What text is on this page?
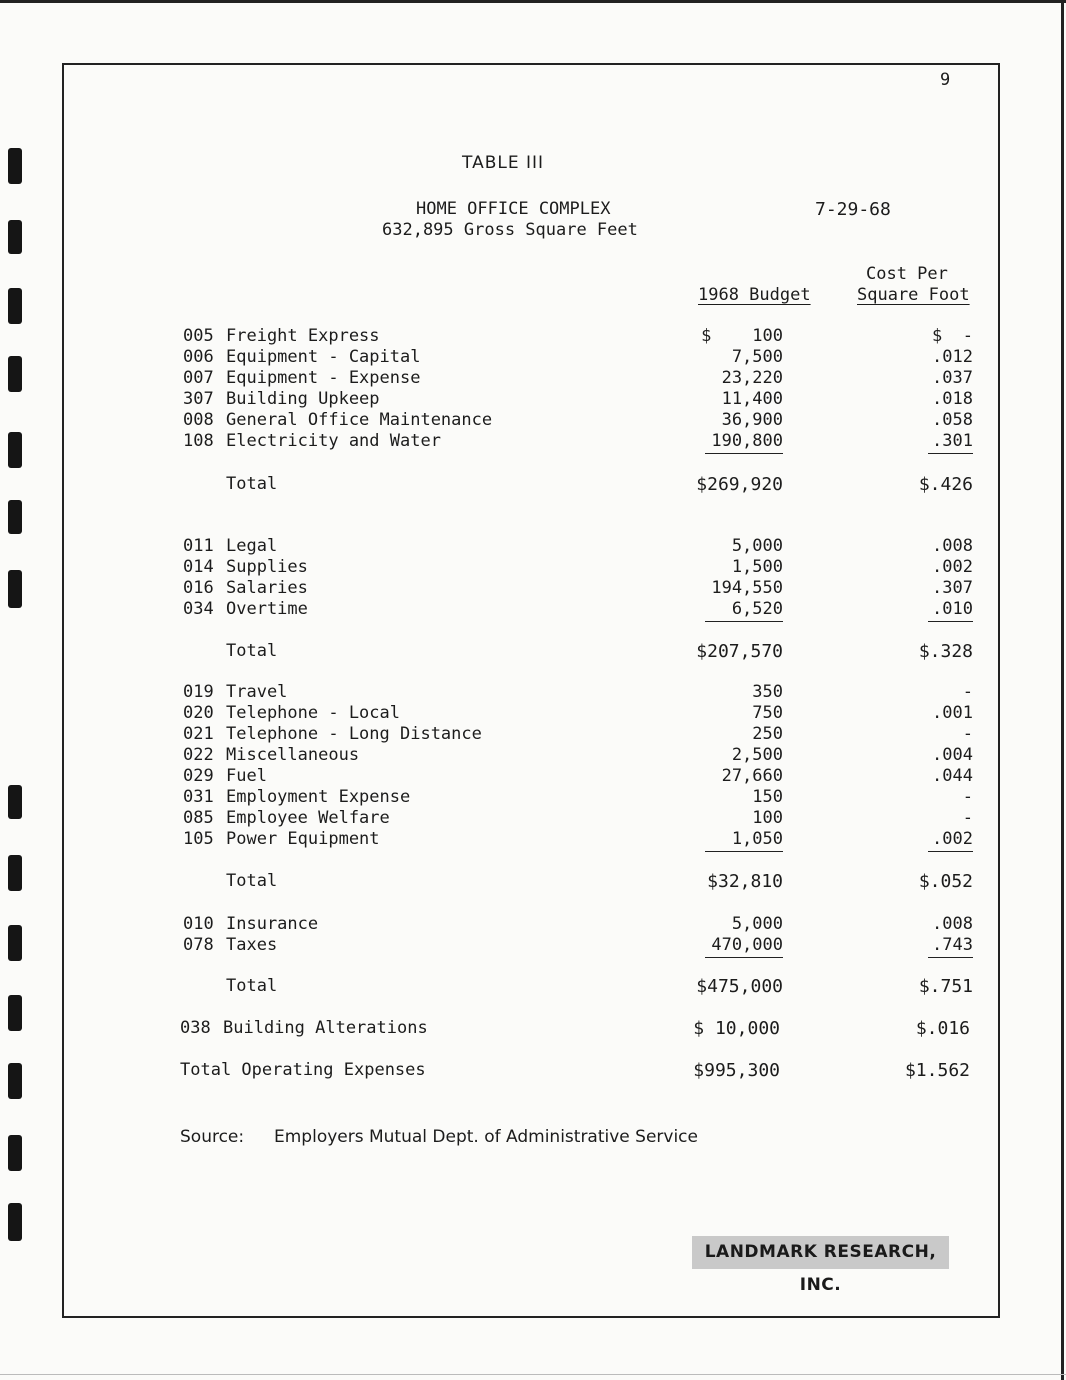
9
TABLE III
HOME OFFICE COMPLEX
632,895 Gross Square Feet
7-29-68
1968 Budget
Cost Per
Square Foot
005 Freight Express	$    100	$  -
006 Equipment - Capital	7,500	.012
007 Equipment - Expense	23,220	.037
307 Building Upkeep	11,400	.018
008 General Office Maintenance	36,900	.058
108 Electricity and Water	190,800	.301
Total	$269,920	$.426
011 Legal	5,000	.008
014 Supplies	1,500	.002
016 Salaries	194,550	.307
034 Overtime	6,520	.010
Total	$207,570	$.328
019 Travel	350	-
020 Telephone - Local	750	.001
021 Telephone - Long Distance	250	-
022 Miscellaneous	2,500	.004
029 Fuel	27,660	.044
031 Employment Expense	150	-
085 Employee Welfare	100	-
105 Power Equipment	1,050	.002
Total	$32,810	$.052
010 Insurance	5,000	.008
078 Taxes	470,000	.743
Total	$475,000	$.751
038 Building Alterations	$ 10,000	$.016
Total Operating Expenses	$995,300	$1.562
Source: Employers Mutual Dept. of Administrative Service
LANDMARK RESEARCH, INC.
